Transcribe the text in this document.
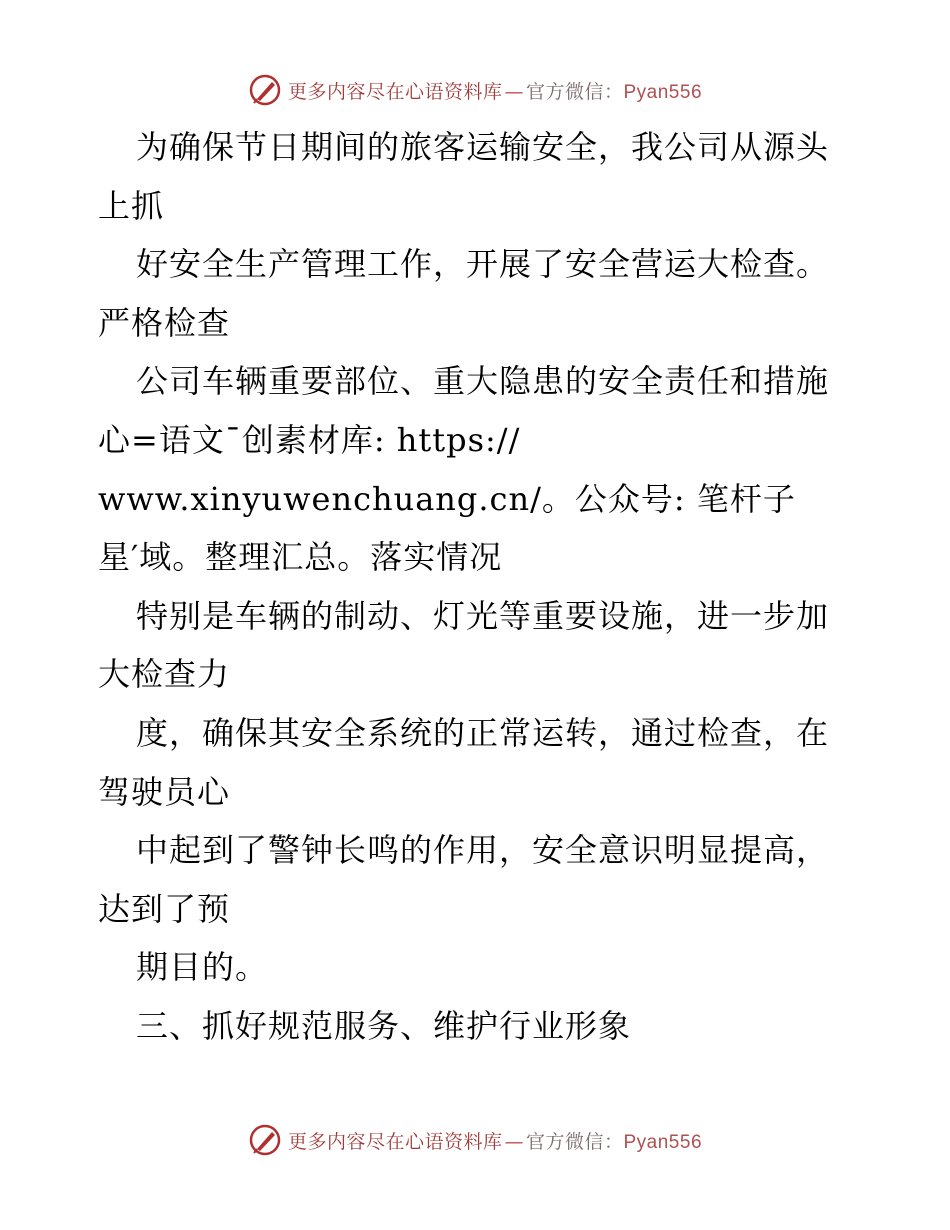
更多内容尽在心语资料库 — 官方微信：Pyan556
为确保节日期间的旅客运输安全，我公司从源头
上抓
好安全生产管理工作，开展了安全营运大检查。
严格检查
公司车辆重要部位、重大隐患的安全责任和措施
心=语文¯创素材库: https://
www.xinyuwenchuang.cn/。公众号: 笔杆子
星′域。整理汇总。落实情况
特别是车辆的制动、灯光等重要设施，进一步加
大检查力
度，确保其安全系统的正常运转，通过检查，在
驾驶员心
中起到了警钟长鸣的作用，安全意识明显提高，
达到了预
期目的。
三、抓好规范服务、维护行业形象
更多内容尽在心语资料库 — 官方微信：Pyan556
